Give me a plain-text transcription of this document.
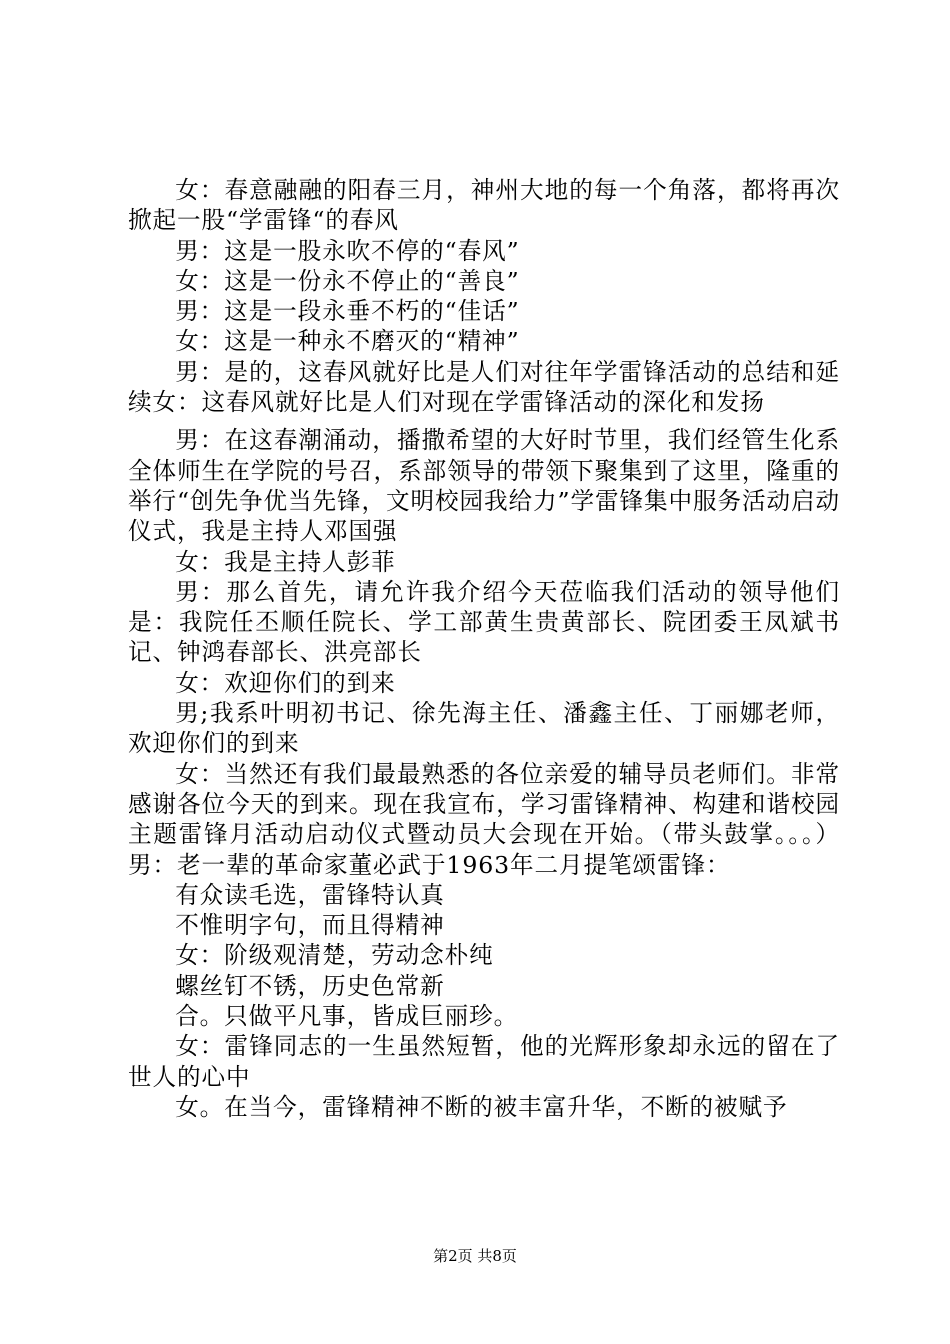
女：春意融融的阳春三月，神州大地的每一个角落，都将再次掀起一股“学雷锋“的春风

男：这是一股永吹不停的“春风”

女：这是一份永不停止的“善良”

男：这是一段永垂不朽的“佳话”

女：这是一种永不磨灭的“精神”

男：是的，这春风就好比是人们对往年学雷锋活动的总结和延续女：这春风就好比是人们对现在学雷锋活动的深化和发扬

男：在这春潮涌动，播撒希望的大好时节里，我们经管生化系全体师生在学院的号召，系部领导的带领下聚集到了这里，隆重的举行“创先争优当先锋，文明校园我给力”学雷锋集中服务活动启动仪式，我是主持人邓国强

女：我是主持人彭菲

男：那么首先，请允许我介绍今天莅临我们活动的领导他们是：我院任丕顺任院长、学工部黄生贵黄部长、院团委王凤斌书记、钟鸿春部长、洪亮部长

女：欢迎你们的到来

男;我系叶明初书记、徐先海主任、潘鑫主任、丁丽娜老师，欢迎你们的到来

女：当然还有我们最最熟悉的各位亲爱的辅导员老师们。非常感谢各位今天的到来。现在我宣布，学习雷锋精神、构建和谐校园主题雷锋月活动启动仪式暨动员大会现在开始。（带头鼓掌。。。）男：老一辈的革命家董必武于1963年二月提笔颂雷锋：

有众读毛选，雷锋特认真

不惟明字句，而且得精神

女：阶级观清楚，劳动念朴纯

螺丝钉不锈，历史色常新

合。只做平凡事，皆成巨丽珍。

女：雷锋同志的一生虽然短暂，他的光辉形象却永远的留在了世人的心中

女。在当今，雷锋精神不断的被丰富升华，不断的被赋予

第2页 共8页
